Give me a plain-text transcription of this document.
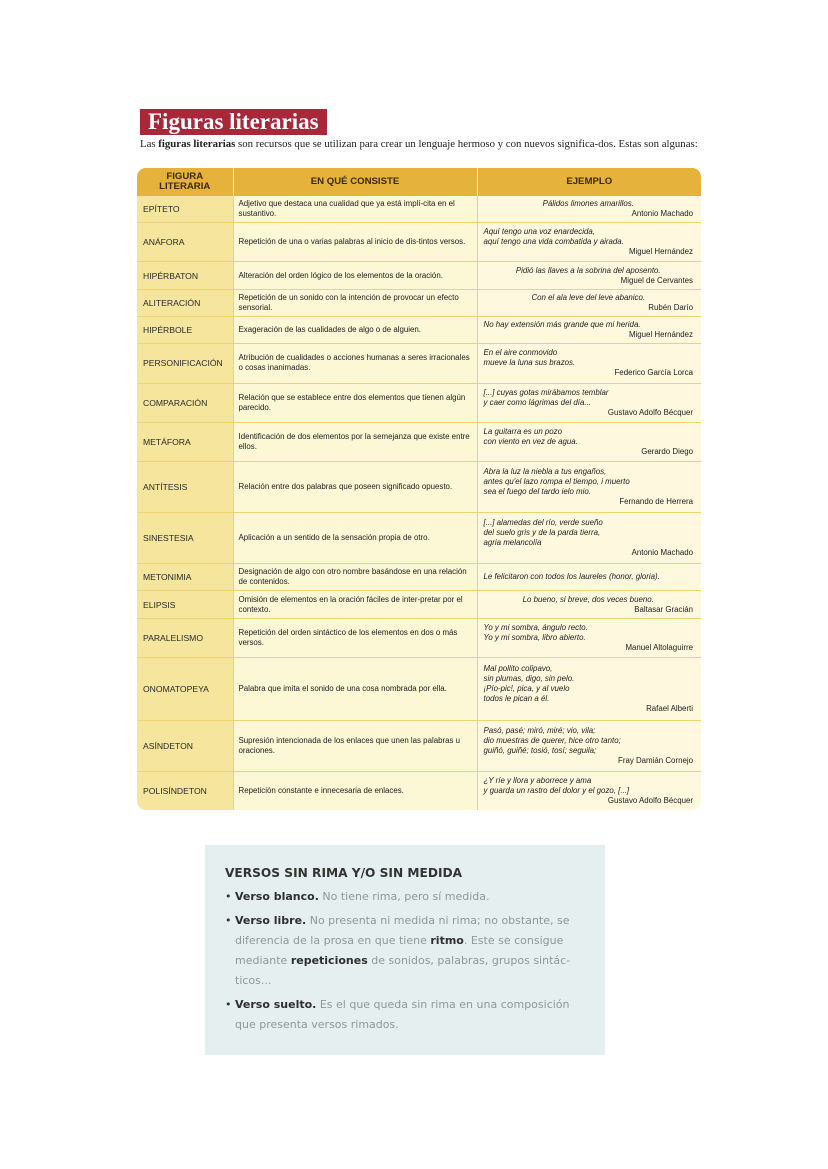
Figuras literarias

Las figuras literarias son recursos que se utilizan para crear un lenguaje hermoso y con nuevos significa-dos. Estas son algunas:

FIGURA LITERARIA	EN QUÉ CONSISTE	EJEMPLO
EPÍTETO	Adjetivo que destaca una cualidad que ya está implí-cita en el sustantivo.	Pálidos limones amarillos.
Antonio Machado

ANÁFORA	Repetición de una o varias palabras al inicio de dis-tintos versos.	Aquí tengo una voz enardecida,
aquí tengo una vida combatida y airada.
Miguel Hernández

HIPÉRBATON	Alteración del orden lógico de los elementos de la oración.	Pidió las llaves a la sobrina del aposento.
Miguel de Cervantes

ALITERACIÓN	Repetición de un sonido con la intención de provocar un efecto sensorial.	Con el ala leve del leve abanico.
Rubén Darío

HIPÉRBOLE	Exageración de las cualidades de algo o de alguien.	No hay extensión más grande que mi herida.
Miguel Hernández

PERSONIFICACIÓN	Atribución de cualidades o acciones humanas a seres irracionales o cosas inanimadas.	En el aire conmovido
mueve la luna sus brazos.
Federico García Lorca

COMPARACIÓN	Relación que se establece entre dos elementos que tienen algún parecido.	[...] cuyas gotas mirábamos temblar
y caer como lágrimas del día...
Gustavo Adolfo Bécquer

METÁFORA	Identificación de dos elementos por la semejanza que existe entre ellos.	La guitarra es un pozo
con viento en vez de agua.
Gerardo Diego

ANTÍTESIS	Relación entre dos palabras que poseen significado opuesto.	Abra la luz la niebla a tus engaños,
antes qu'el lazo rompa el tiempo, i muerto
sea el fuego del tardo ielo mio.
Fernando de Herrera

SINESTESIA	Aplicación a un sentido de la sensación propia de otro.	[...] alamedas del río, verde sueño
del suelo gris y de la parda tierra,
agria melancolía
Antonio Machado

METONIMIA	Designación de algo con otro nombre basándose en una relación de contenidos.	Le felicitaron con todos los laureles (honor, gloria).

ELIPSIS	Omisión de elementos en la oración fáciles de inter-pretar por el contexto.	Lo bueno, si breve, dos veces bueno.
Baltasar Gracián

PARALELISMO	Repetición del orden sintáctico de los elementos en dos o más versos.	Yo y mi sombra, ángulo recto.
Yo y mi sombra, libro abierto.
Manuel Altolaguirre

ONOMATOPEYA	Palabra que imita el sonido de una cosa nombrada por ella.	Mal pollito colipavo,
sin plumas, digo, sin pelo.
¡Pío-pic!, pica, y al vuelo
todos le pican a él.
Rafael Alberti

ASÍNDETON	Supresión intencionada de los enlaces que unen las palabras u oraciones.	Pasó, pasé; miró, miré; vio, vila;
dio muestras de querer, hice otro tanto;
guiñó, guiñé; tosió, tosí; seguila;
Fray Damián Cornejo

POLISÍNDETON	Repetición constante e innecesaria de enlaces.	¿Y ríe y llora y aborrece y ama
y guarda un rastro del dolor y el gozo, [...]
Gustavo Adolfo Bécquer
VERSOS SIN RIMA Y/O SIN MEDIDA
• Verso blanco. No tiene rima, pero sí medida.
• Verso libre. No presenta ni medida ni rima; no obstante, se diferencia de la prosa en que tiene ritmo. Este se consigue mediante repeticiones de sonidos, palabras, grupos sintác-ticos...
• Verso suelto. Es el que queda sin rima en una composición que presenta versos rimados.
